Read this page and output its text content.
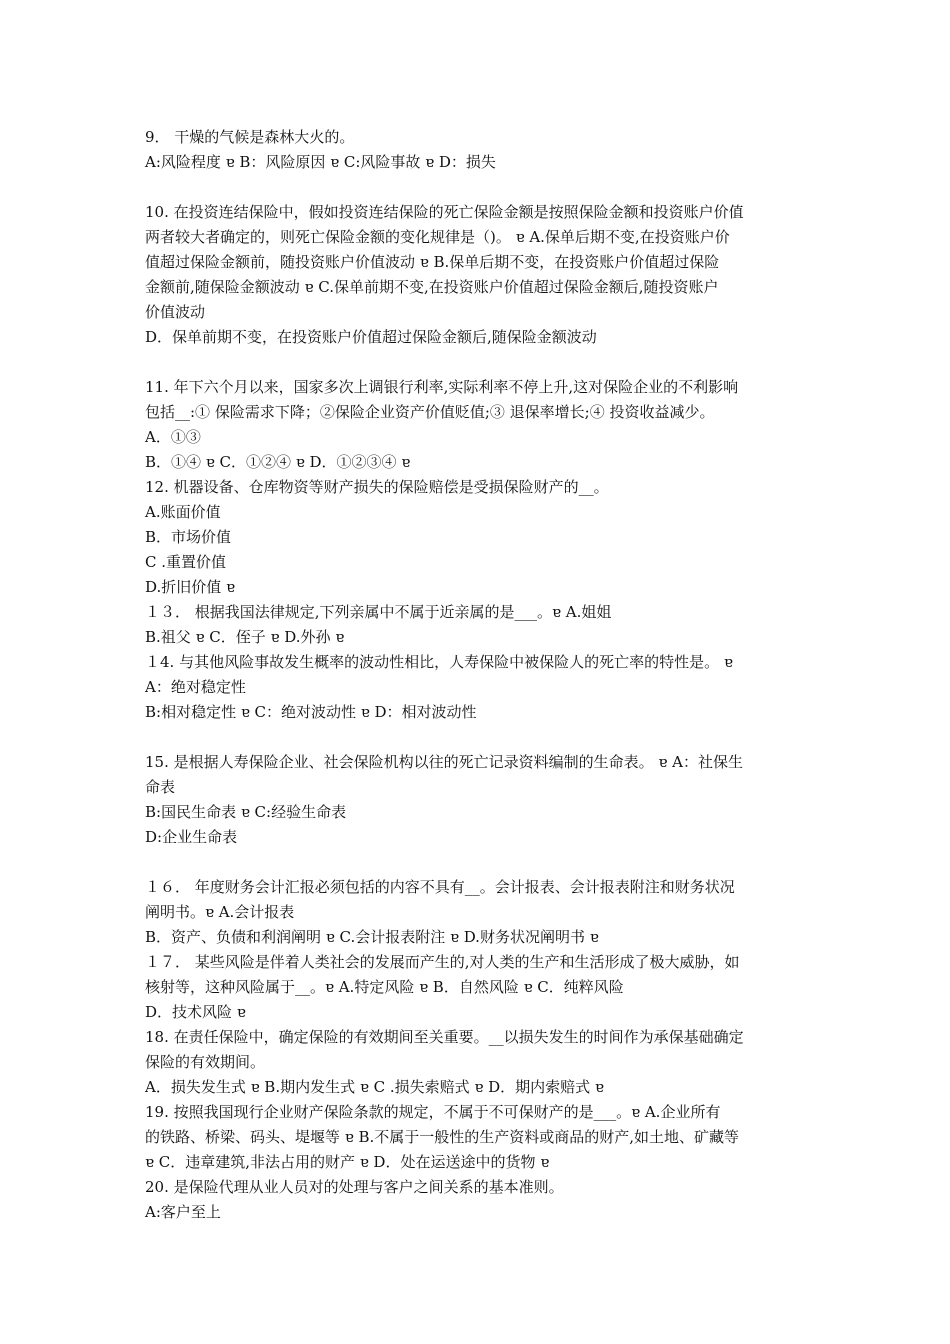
9． 干燥的气候是森林大火的。
A:风险程度 ɐ B：风险原因 ɐ C:风险事故 ɐ D：损失
10. 在投资连结保险中，假如投资连结保险的死亡保险金额是按照保险金额和投资账户价值
两者较大者确定的，则死亡保险金额的变化规律是（)。 ɐ A.保单后期不变,在投资账户价
值超过保险金额前，随投资账户价值波动 ɐ B.保单后期不变，在投资账户价值超过保险
金额前,随保险金额波动 ɐ C.保单前期不变,在投资账户价值超过保险金额后,随投资账户
价值波动
D．保单前期不变，在投资账户价值超过保险金额后,随保险金额波动
11. 年下六个月以来，国家多次上调银行利率,实际利率不停上升,这对保险企业的不利影响
包括__:① 保险需求下降；②保险企业资产价值贬值;③ 退保率增长;④ 投资收益减少。
A．①③
B．①④ ɐ C．①②④ ɐ D．①②③④ ɐ
12. 机器设备、仓库物资等财产损失的保险赔偿是受损保险财产的__。
A.账面价值
B．市场价值
C .重置价值
D.折旧价值 ɐ
１３． 根据我国法律规定,下列亲属中不属于近亲属的是___。ɐ A.姐姐
B.祖父 ɐ C．侄子 ɐ D.外孙 ɐ
１4. 与其他风险事故发生概率的波动性相比，人寿保险中被保险人的死亡率的特性是。 ɐ
A：绝对稳定性
B:相对稳定性 ɐ C：绝对波动性 ɐ D：相对波动性
15. 是根据人寿保险企业、社会保险机构以往的死亡记录资料编制的生命表。 ɐ A：社保生
命表
B:国民生命表 ɐ C:经验生命表
D:企业生命表
１６． 年度财务会计汇报必须包括的内容不具有__。会计报表、会计报表附注和财务状况
阐明书。ɐ A.会计报表
B．资产、负债和利润阐明 ɐ C.会计报表附注 ɐ D.财务状况阐明书 ɐ
１７． 某些风险是伴着人类社会的发展而产生的,对人类的生产和生活形成了极大威胁，如
核射等，这种风险属于__。ɐ A.特定风险 ɐ B．自然风险 ɐ C．纯粹风险
D．技术风险 ɐ
18. 在责任保险中，确定保险的有效期间至关重要。__以损失发生的时间作为承保基础确定
保险的有效期间。
A．损失发生式 ɐ B.期内发生式 ɐ C .损失索赔式 ɐ D．期内索赔式 ɐ
19. 按照我国现行企业财产保险条款的规定，不属于不可保财产的是___。ɐ A.企业所有
的铁路、桥梁、码头、堤堰等 ɐ B.不属于一般性的生产资料或商品的财产,如土地、矿藏等
ɐ C．违章建筑,非法占用的财产 ɐ D．处在运送途中的货物 ɐ
20. 是保险代理从业人员对的处理与客户之间关系的基本准则。
A:客户至上
